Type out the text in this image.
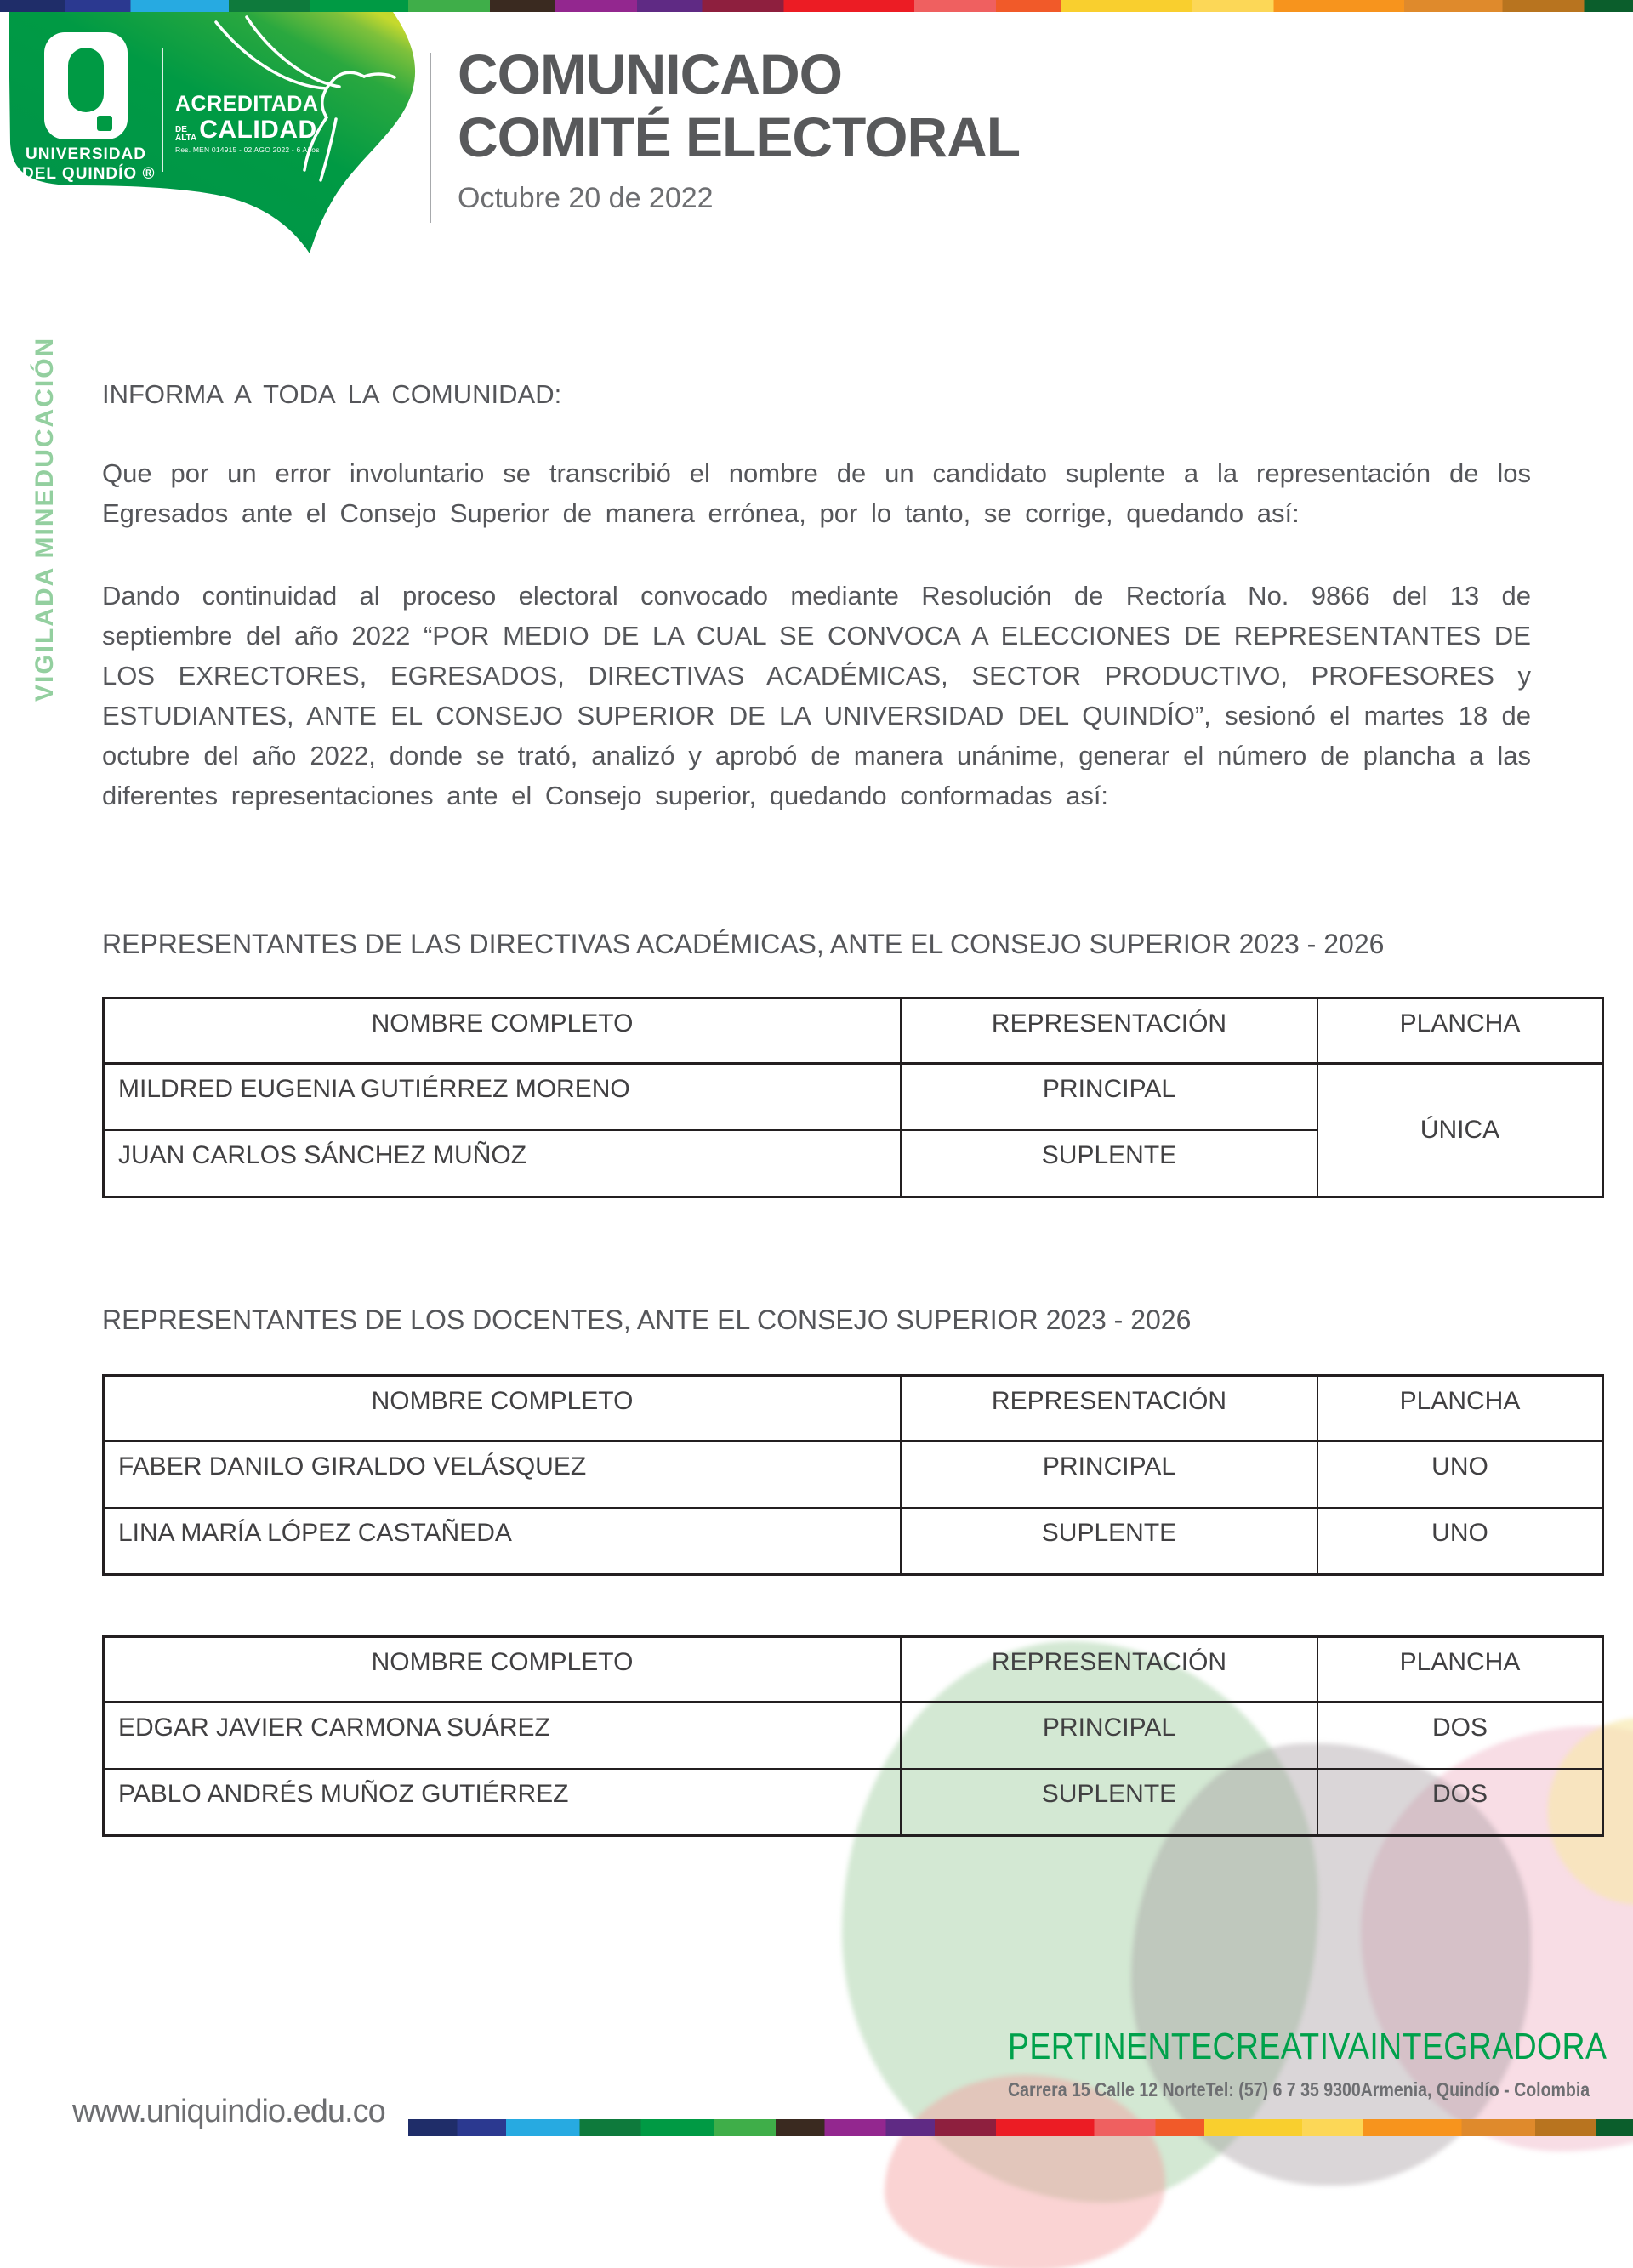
UNIVERSIDAD
DEL QUINDÍO ®
ACREDITADA
DE
ALTA CALIDAD
Res. MEN 014915 - 02 AGO 2022 - 6 Años
COMUNICADO
COMITÉ ELECTORAL
Octubre 20 de 2022
VIGILADA MINEDUCACIÓN INFORMA A TODA LA COMUNIDAD:

Que por un error involuntario se transcribió el nombre de un candidato suplente a la representación de los Egresados ante el Consejo Superior de manera errónea, por lo tanto, se corrige, quedando así:

Dando continuidad al proceso electoral convocado mediante Resolución de Rectoría No. 9866 del 13 de septiembre del año 2022 “POR MEDIO DE LA CUAL SE CONVOCA A ELECCIONES DE REPRESENTANTES DE LOS EXRECTORES, EGRESADOS, DIRECTIVAS ACADÉMICAS, SECTOR PRODUCTIVO, PROFESORES y ESTUDIANTES, ANTE EL CONSEJO SUPERIOR DE LA UNIVERSIDAD DEL QUINDÍO”, sesionó el martes 18 de octubre del año 2022, donde se trató, analizó y aprobó de manera unánime, generar el número de plancha a las diferentes representaciones ante el Consejo superior, quedando conformadas así:

REPRESENTANTES DE LAS DIRECTIVAS ACADÉMICAS, ANTE EL CONSEJO SUPERIOR 2023 - 2026
NOMBRE COMPLETO	REPRESENTACIÓN	PLANCHA
MILDRED EUGENIA GUTIÉRREZ MORENO	PRINCIPAL	ÚNICA
JUAN CARLOS SÁNCHEZ MUÑOZ	SUPLENTE	
REPRESENTANTES DE LOS DOCENTES, ANTE EL CONSEJO SUPERIOR 2023 - 2026
NOMBRE COMPLETO	REPRESENTACIÓN	PLANCHA
FABER DANILO GIRALDO VELÁSQUEZ	PRINCIPAL	UNO
LINA MARÍA LÓPEZ CASTAÑEDA	SUPLENTE	UNO
NOMBRE COMPLETO	REPRESENTACIÓN	PLANCHA
EDGAR JAVIER CARMONA SUÁREZ	PRINCIPAL	DOS
PABLO ANDRÉS MUÑOZ GUTIÉRREZ	SUPLENTE	DOS
www.uniquindio.edu.co
PERTINENTE CREATIVA INTEGRADORA
Carrera 15 Calle 12 Norte Tel: (57) 6 7 35 9300 Armenia, Quindío - Colombia
